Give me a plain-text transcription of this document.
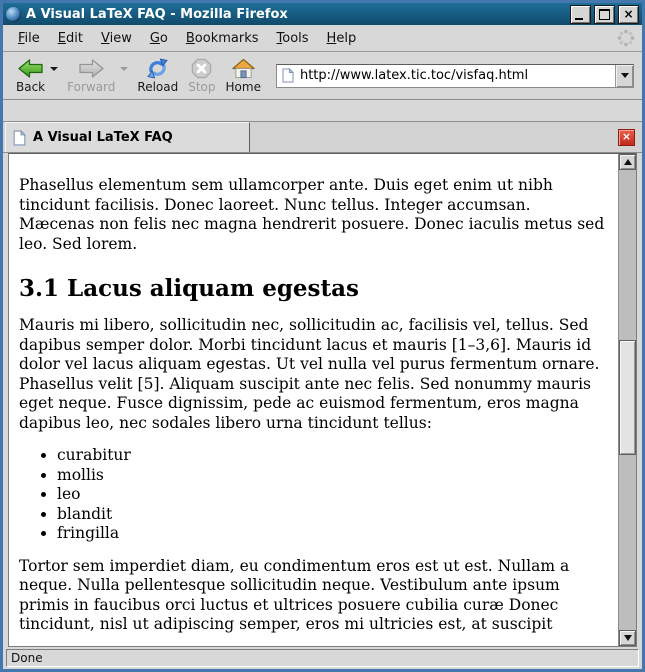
A Visual LaTeX FAQ - Mozilla Firefox	×
File	Edit	View	Go	Bookmarks	Tools	Help
Back Forward Reload Stop Home
http://www.latex.tic.toc/visfaq.html
A Visual LaTeX FAQ	×

Phasellus elementum sem ullamcorper ante. Duis eget enim ut nibh tincidunt facilisis. Donec laoreet. Nunc tellus. Integer accumsan. Mæcenas non felis nec magna hendrerit posuere. Donec iaculis metus sed leo. Sed lorem.

3.1 Lacus aliquam egestas

Mauris mi libero, sollicitudin nec, sollicitudin ac, facilisis vel, tellus. Sed dapibus semper dolor. Morbi tincidunt lacus et mauris [1–3,6]. Mauris id dolor vel lacus aliquam egestas. Ut vel nulla vel purus fermentum ornare. Phasellus velit [5]. Aliquam suscipit ante nec felis. Sed nonummy mauris eget neque. Fusce dignissim, pede ac euismod fermentum, eros magna dapibus leo, nec sodales libero urna tincidunt tellus:

• curabitur
• mollis
• leo
• blandit
• fringilla

Tortor sem imperdiet diam, eu condimentum eros est ut est. Nullam a neque. Nulla pellentesque sollicitudin neque. Vestibulum ante ipsum primis in faucibus orci luctus et ultrices posuere cubilia curæ Donec tincidunt, nisl ut adipiscing semper, eros mi ultricies est, at suscipit

Done
